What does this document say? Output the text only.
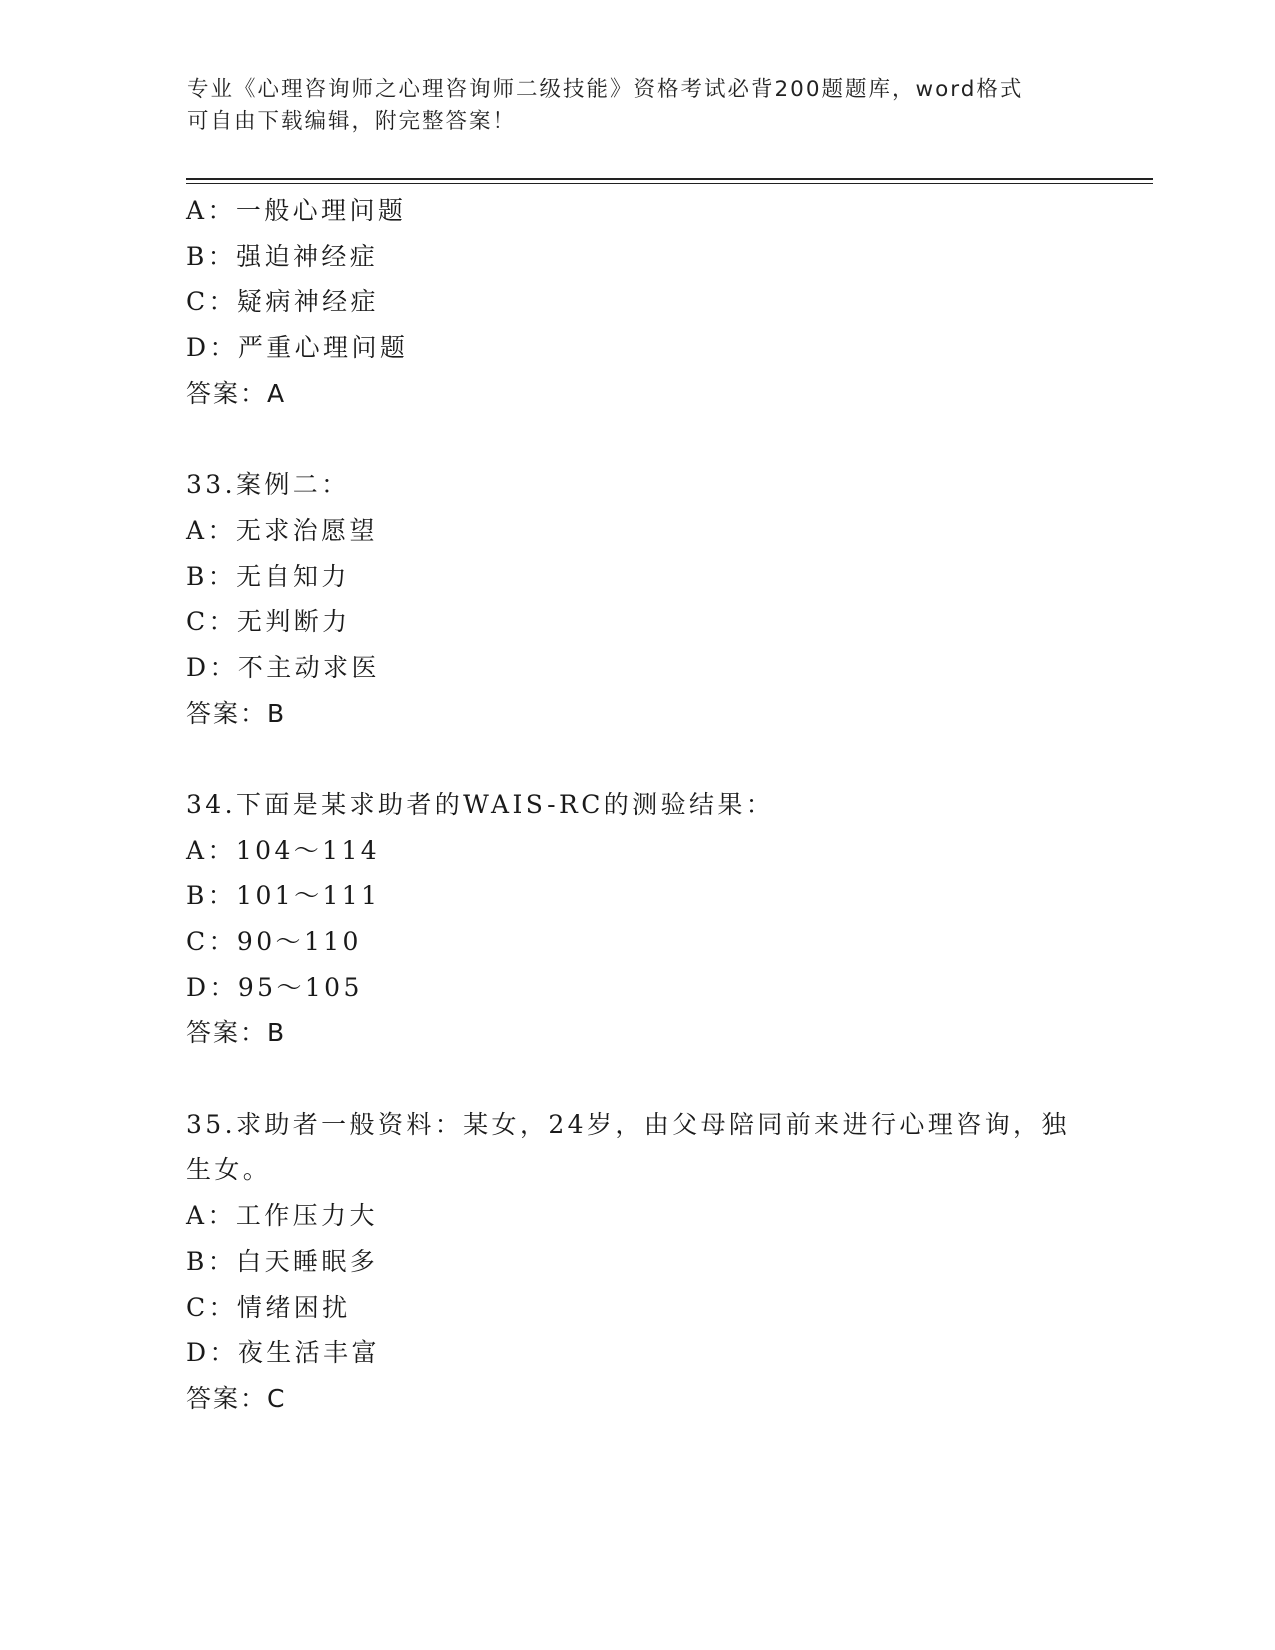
专业《心理咨询师之心理咨询师二级技能》资格考试必背200题题库，word格式
可自由下载编辑，附完整答案！
A：一般心理问题
B：强迫神经症
C：疑病神经症
D：严重心理问题
答案：A
33.案例二：
A：无求治愿望
B：无自知力
C：无判断力
D：不主动求医
答案：B
34.下面是某求助者的WAIS-RC的测验结果：
A：104～114
B：101～111
C：90～110
D：95～105
答案：B
35.求助者一般资料：某女，24岁，由父母陪同前来进行心理咨询，独
生女。
A：工作压力大
B：白天睡眠多
C：情绪困扰
D：夜生活丰富
答案：C
